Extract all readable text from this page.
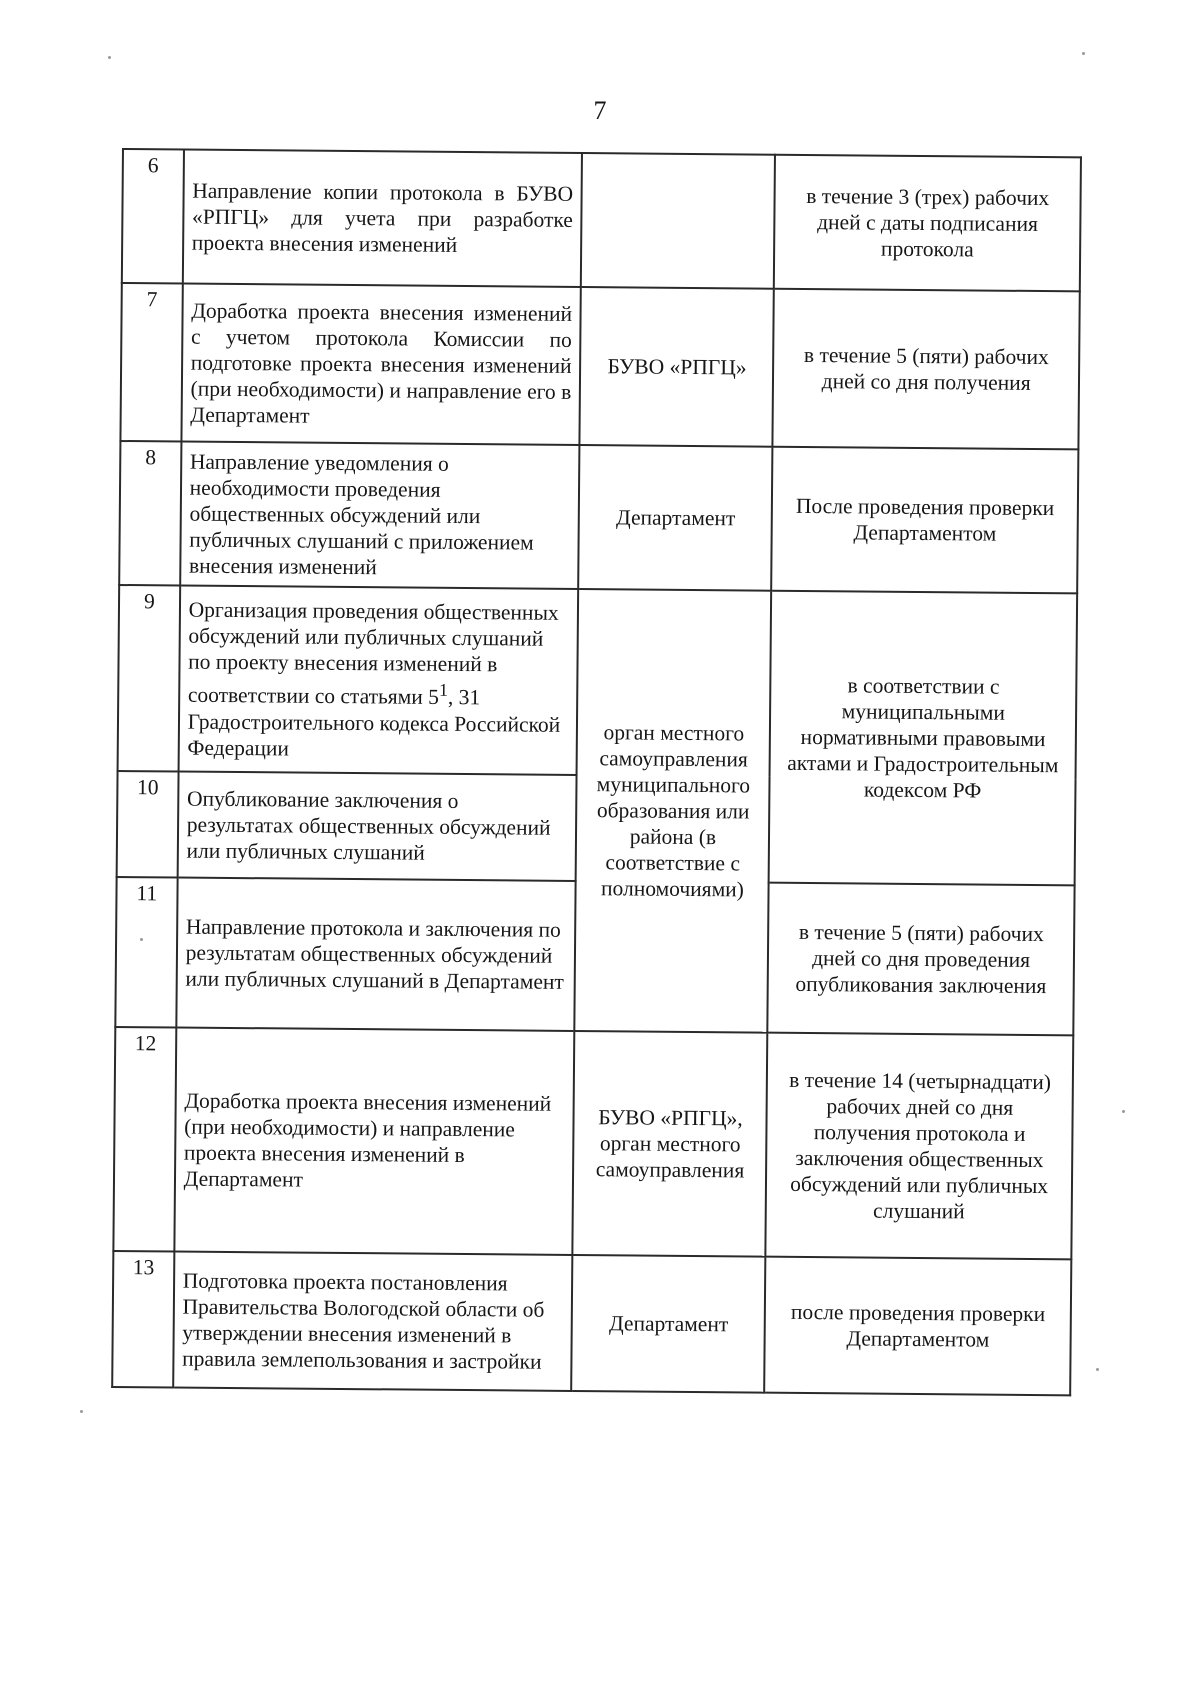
7
6	Направление копии протокола в БУВО «РПГЦ» для учета при разработке проекта внесения изменений		в течение 3 (трех) рабочих дней с даты подписания протокола
7	Доработка проекта внесения изменений с учетом протокола Комиссии по подготовке проекта внесения изменений (при необходимости) и направление его в Департамент	БУВО «РПГЦ»	в течение 5 (пяти) рабочих дней со дня получения
8	Направление уведомления о необходимости проведения общественных обсуждений или публичных слушаний с приложением внесения изменений	Департамент	После проведения проверки Департаментом
9	Организация проведения общественных обсуждений или публичных слушаний по проекту внесения изменений в соответствии со статьями $5^1$, 31 Градостроительного кодекса Российской Федерации	орган местного самоуправления муниципального образования или района (в соответствие с полномочиями)	в соответствии с муниципальными нормативными правовыми актами и Градостроительным кодексом РФ
10	Опубликование заключения о результатах общественных обсуждений или публичных слушаний		
11	Направление протокола и заключения по результатам общественных обсуждений или публичных слушаний в Департамент		в течение 5 (пяти) рабочих дней со дня проведения опубликования заключения
12	Доработка проекта внесения изменений (при необходимости) и направление проекта внесения изменений в Департамент	БУВО «РПГЦ», орган местного самоуправления	в течение 14 (четырнадцати) рабочих дней со дня получения протокола и заключения общественных обсуждений или публичных слушаний
13	Подготовка проекта постановления Правительства Вологодской области об утверждении внесения изменений в правила землепользования и застройки	Департамент	после проведения проверки Департаментом
